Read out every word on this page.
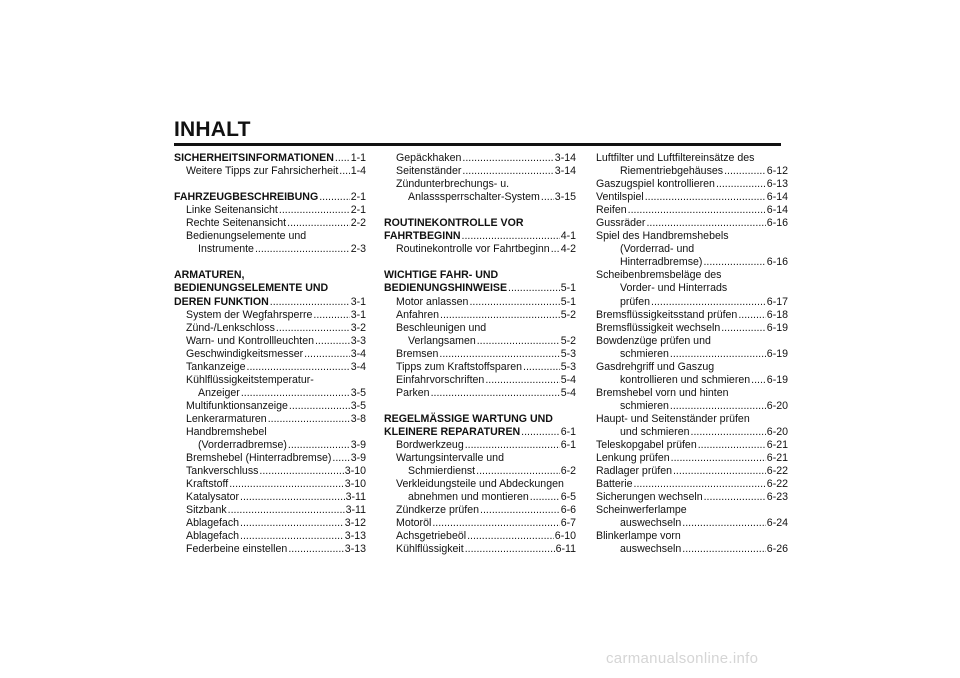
INHALT
SICHERHEITSINFORMATIONEN ..... 1-1
Weitere Tipps zur Fahrsicherheit ..... 1-4
FAHRZEUGBESCHREIBUNG .....	2-1
Linke Seitenansicht .....	2-1
Rechte Seitenansicht .....	2-2
Bedienungselemente und
Instrumente .....	2-3
ARMATUREN,
BEDIENUNGSELEMENTE UND
DEREN FUNKTION .....	3-1
System der Wegfahrsperre .....	3-1
Zünd-/Lenkschloss .....	3-2
Warn- und Kontrollleuchten .....	3-3
Geschwindigkeitsmesser .....	3-4
Tankanzeige .....	3-4
Kühlflüssigkeitstemperatur-
Anzeiger .....	3-5
Multifunktionsanzeige .....	3-5
Lenkerarmaturen .....	3-8
Handbremshebel
(Vorderradbremse) .....	3-9
Bremshebel (Hinterradbremse) ..... 3-9
Tankverschluss .....	3-10
Kraftstoff .....	3-10
Katalysator .....	3-11
Sitzbank .....	3-11
Ablagefach .....	3-12
Ablagefach .....	3-13
Federbeine einstellen .....	3-13
Gepäckhaken .....	3-14
Seitenständer .....	3-14
Zündunterbrechungs- u.
Anlasssperrschalter-System ..... 3-15
ROUTINEKONTROLLE VOR
FAHRTBEGINN .....	4-1
Routinekontrolle vor Fahrtbeginn ..... 4-2
WICHTIGE FAHR- UND
BEDIENUNGSHINWEISE .....	5-1
Motor anlassen .....	5-1
Anfahren .....	5-2
Beschleunigen und
Verlangsamen .....	5-2
Bremsen .....	5-3
Tipps zum Kraftstoffsparen .....	5-3
Einfahrvorschriften .....	5-4
Parken .....	5-4
REGELMÄSSIGE WARTUNG UND
KLEINERE REPARATUREN .....	6-1
Bordwerkzeug .....	6-1
Wartungsintervalle und
Schmierdienst .....	6-2
Verkleidungsteile und Abdeckungen
abnehmen und montieren .....	6-5
Zündkerze prüfen .....	6-6
Motoröl .....	6-7
Achsgetriebeöl .....	6-10
Kühlflüssigkeit .....	6-11
Luftfilter und Luftfiltereinsätze des
Riementriebgehäuses .....	6-12
Gaszugspiel kontrollieren .....	6-13
Ventilspiel .....	6-14
Reifen .....	6-14
Gussräder .....	6-16
Spiel des Handbremshebels
(Vorderrad- und
Hinterradbremse) .....	6-16
Scheibenbremsbeläge des
Vorder- und Hinterrads
prüfen .....	6-17
Bremsflüssigkeitsstand prüfen .....	6-18
Bremsflüssigkeit wechseln .....	6-19
Bowdenzüge prüfen und
schmieren .....	6-19
Gasdrehgriff und Gaszug
kontrollieren und schmieren ..... 6-19
Bremshebel vorn und hinten
schmieren .....	6-20
Haupt- und Seitenständer prüfen
und schmieren .....	6-20
Teleskopgabel prüfen .....	6-21
Lenkung prüfen .....	6-21
Radlager prüfen .....	6-22
Batterie .....	6-22
Sicherungen wechseln .....	6-23
Scheinwerferlampe
auswechseln .....	6-24
Blinkerlampe vorn
auswechseln .....	6-26
carmanualsonline.info
